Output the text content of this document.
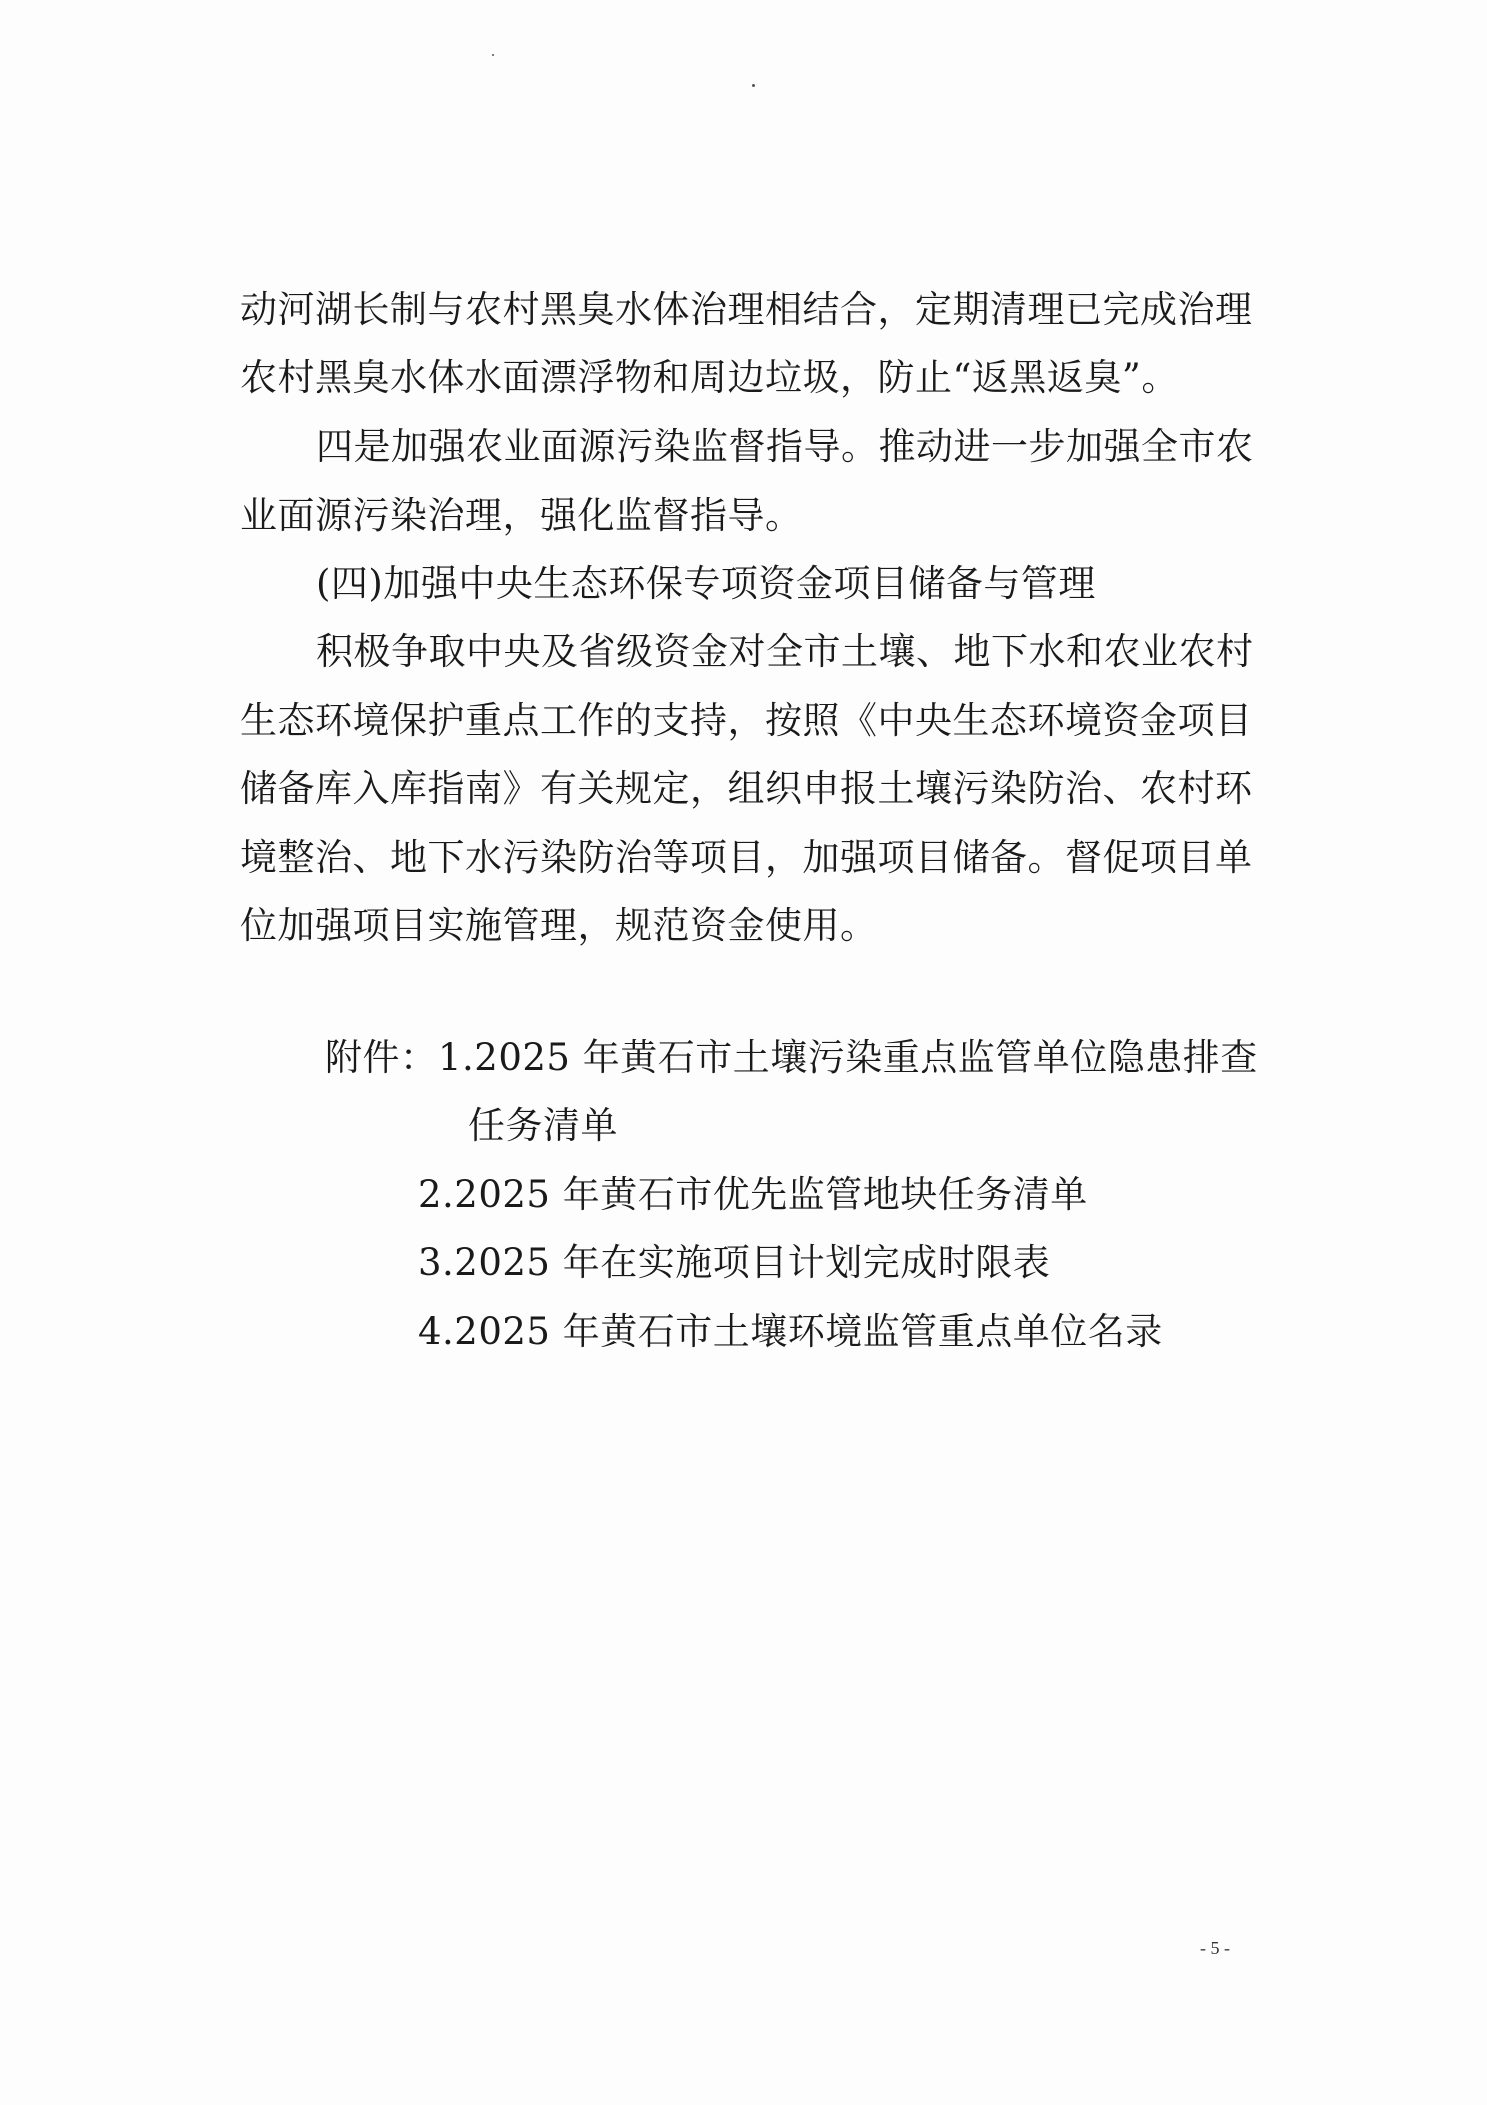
动河湖长制与农村黑臭水体治理相结合，定期清理已完成治理
农村黑臭水体水面漂浮物和周边垃圾，防止“返黑返臭”。
四是加强农业面源污染监督指导。推动进一步加强全市农
业面源污染治理，强化监督指导。
(四)加强中央生态环保专项资金项目储备与管理
积极争取中央及省级资金对全市土壤、地下水和农业农村
生态环境保护重点工作的支持，按照《中央生态环境资金项目
储备库入库指南》有关规定，组织申报土壤污染防治、农村环
境整治、地下水污染防治等项目，加强项目储备。督促项目单
位加强项目实施管理，规范资金使用。
附件： 1.2025 年黄石市土壤污染重点监管单位隐患排查
任务清单
2.2025 年黄石市优先监管地块任务清单
3.2025 年在实施项目计划完成时限表
4.2025 年黄石市土壤环境监管重点单位名录
- 5 -
